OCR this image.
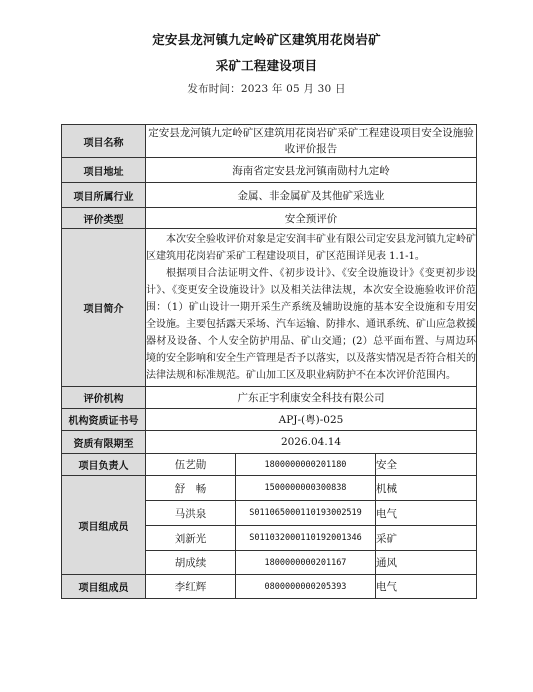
定安县龙河镇九定岭矿区建筑用花岗岩矿
采矿工程建设项目
发布时间：2023 年 05 月 30 日
项目名称	定安县龙河镇九定岭矿区建筑用花岗岩矿采矿工程建设项目安全设施验收评价报告		
项目地址	海南省定安县龙河镇南勋村九定岭		
项目所属行业	金属、非金属矿及其他矿采选业		
评价类型	安全预评价		
项目简介	本次安全验收评价对象是定安润丰矿业有限公司定安县龙河镇九定岭矿区建筑用花岗岩矿采矿工程建设项目，矿区范围详见表 1.1-1。

根据项目合法证明文件、《初步设计》、《安全设施设计》《变更初步设计》、《变更安全设施设计》以及相关法律法规，本次安全设施验收评价范围：（1）矿山设计一期开采生产系统及辅助设施的基本安全设施和专用安全设施。主要包括露天采场、汽车运输、防排水、通讯系统、矿山应急救援器材及设备、个人安全防护用品、矿山交通；(2）总平面布置、与周边环境的安全影响和安全生产管理是否予以落实，以及落实情况是否符合相关的法律法规和标准规范。矿山加工区及职业病防护不在本次评价范围内。		

评价机构	广东正宇利康安全科技有限公司		
机构资质证书号	APJ-(粤)-025		
资质有限期至	2026.04.14		
项目负责人	伍艺勋	1800000000201180	安全
项目组成员	舒　畅	1500000000300838	机械
	马洪泉	S011065000110193002519	电气
	刘新光	S011032000110192001346	采矿
	胡成续	1800000000201167	通风
项目组成员	李红辉	0800000000205393	电气
